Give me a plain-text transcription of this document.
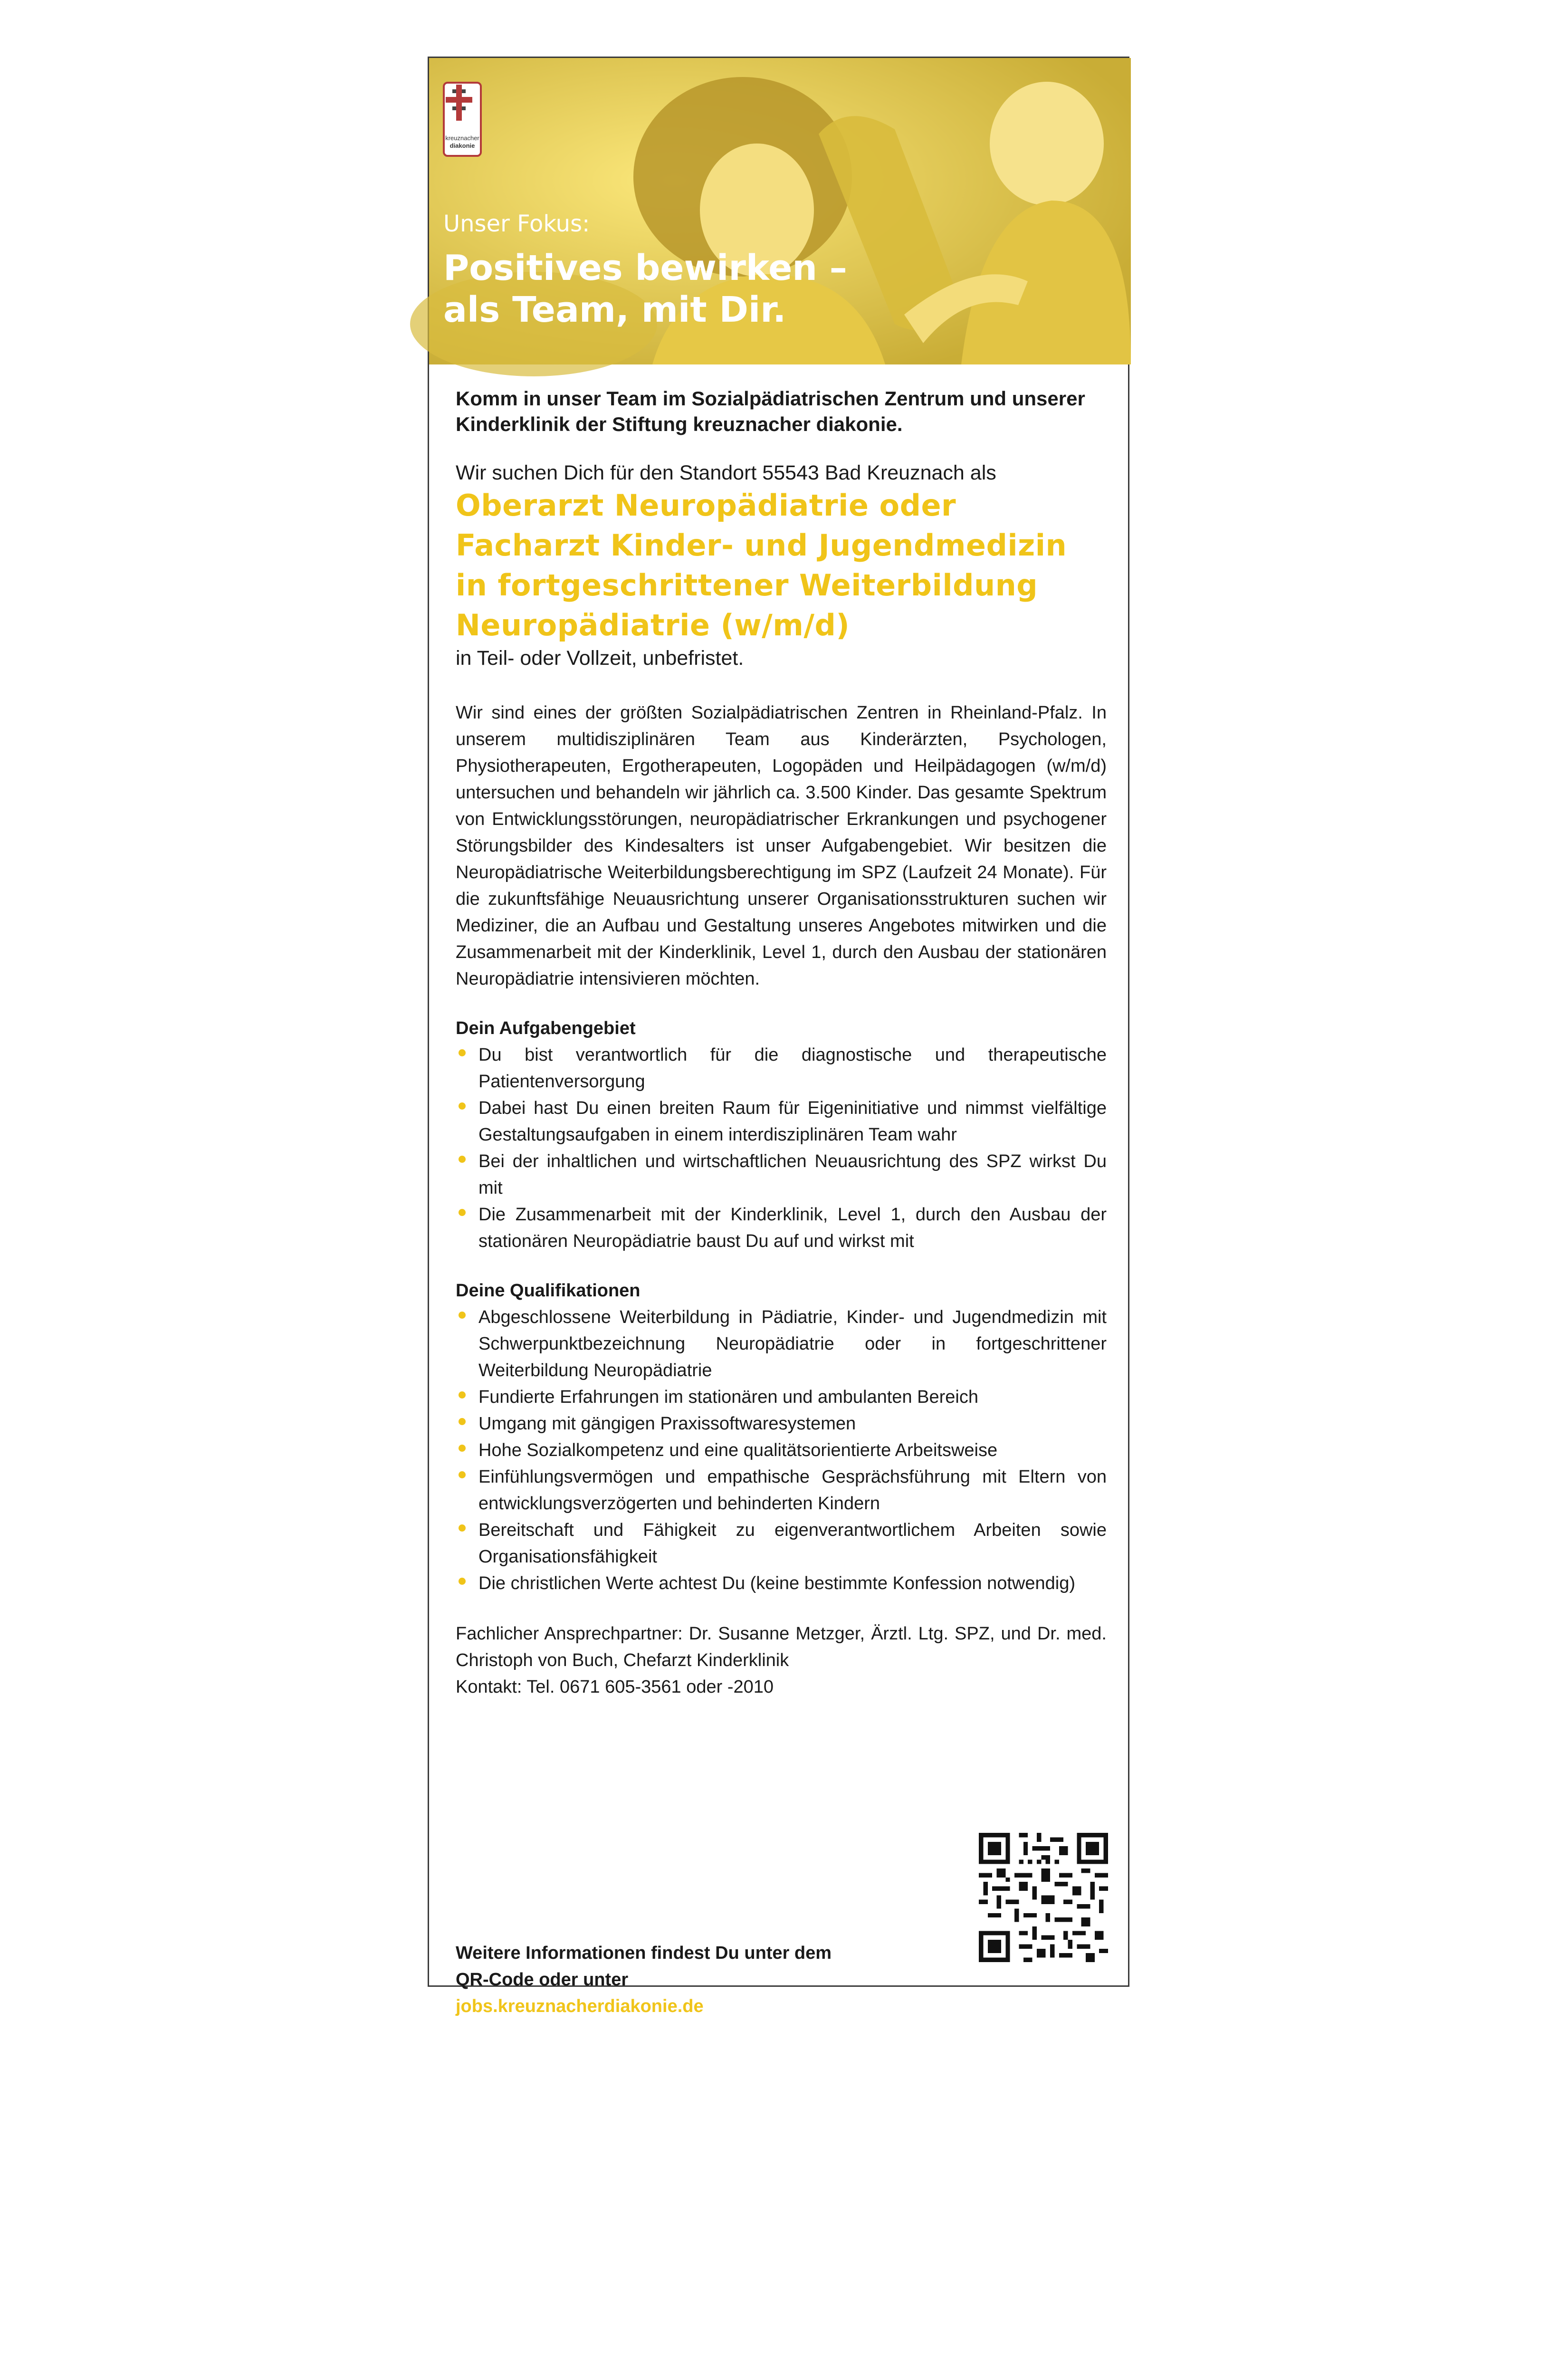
kreuznacher
diakonie
Unser Fokus:
Positives bewirken –
als Team, mit Dir.

Komm in unser Team im Sozialpädiatrischen Zentrum und unserer Kinderklinik der Stiftung kreuznacher diakonie.

Wir suchen Dich für den Standort 55543 Bad Kreuznach als

Oberarzt Neuropädiatrie oder

Facharzt Kinder- und Jugendmedizin

in fortgeschrittener Weiterbildung

Neuropädiatrie (w/m/d)

in Teil- oder Vollzeit, unbefristet.

Wir sind eines der größten Sozialpädiatrischen Zentren in Rheinland-Pfalz. In unserem multidisziplinären Team aus Kinderärzten, Psychologen, Physiotherapeuten, Ergotherapeuten, Logopäden und Heilpädagogen (w/m/d) untersuchen und behandeln wir jährlich ca. 3.500 Kinder. Das gesamte Spektrum von Entwicklungsstörungen, neuropädiatrischer Erkrankungen und psychogener Störungsbilder des Kindesalters ist unser Aufgabengebiet. Wir besitzen die Neuropädiatrische Weiterbildungsberechtigung im SPZ (Laufzeit 24 Monate). Für die zukunftsfähige Neuausrichtung unserer Organisationsstrukturen suchen wir Mediziner, die an Aufbau und Gestaltung unseres Angebotes mitwirken und die Zusammenarbeit mit der Kinderklinik, Level 1, durch den Ausbau der stationären Neuropädiatrie intensivieren möchten.

Dein Aufgabengebiet
Du bist verantwortlich für die diagnostische und therapeutische Patientenversorgung
Dabei hast Du einen breiten Raum für Eigeninitiative und nimmst vielfältige Gestaltungsaufgaben in einem interdisziplinären Team wahr
Bei der inhaltlichen und wirtschaftlichen Neuausrichtung des SPZ wirkst Du mit
Die Zusammenarbeit mit der Kinderklinik, Level 1, durch den Ausbau der stationären Neuropädiatrie baust Du auf und wirkst mit
Deine Qualifikationen
Abgeschlossene Weiterbildung in Pädiatrie, Kinder- und Jugendmedizin mit Schwerpunktbezeichnung Neuropädiatrie oder in fortgeschrittener Weiterbildung Neuropädiatrie
Fundierte Erfahrungen im stationären und ambulanten Bereich
Umgang mit gängigen Praxissoftwaresystemen
Hohe Sozialkompetenz und eine qualitätsorientierte Arbeitsweise
Einfühlungsvermögen und empathische Gesprächsführung mit Eltern von entwicklungsverzögerten und behinderten Kindern
Bereitschaft und Fähigkeit zu eigenverantwortlichem Arbeiten sowie Organisationsfähigkeit
Die christlichen Werte achtest Du (keine bestimmte Konfession notwendig)

Fachlicher Ansprechpartner: Dr. Susanne Metzger, Ärztl. Ltg. SPZ, und Dr. med. Christoph von Buch, Chefarzt Kinderklinik
Kontakt: Tel. 0671 605-3561 oder -2010

Weitere Informationen findest Du unter dem
QR-Code oder unter
jobs.kreuznacherdiakonie.de
